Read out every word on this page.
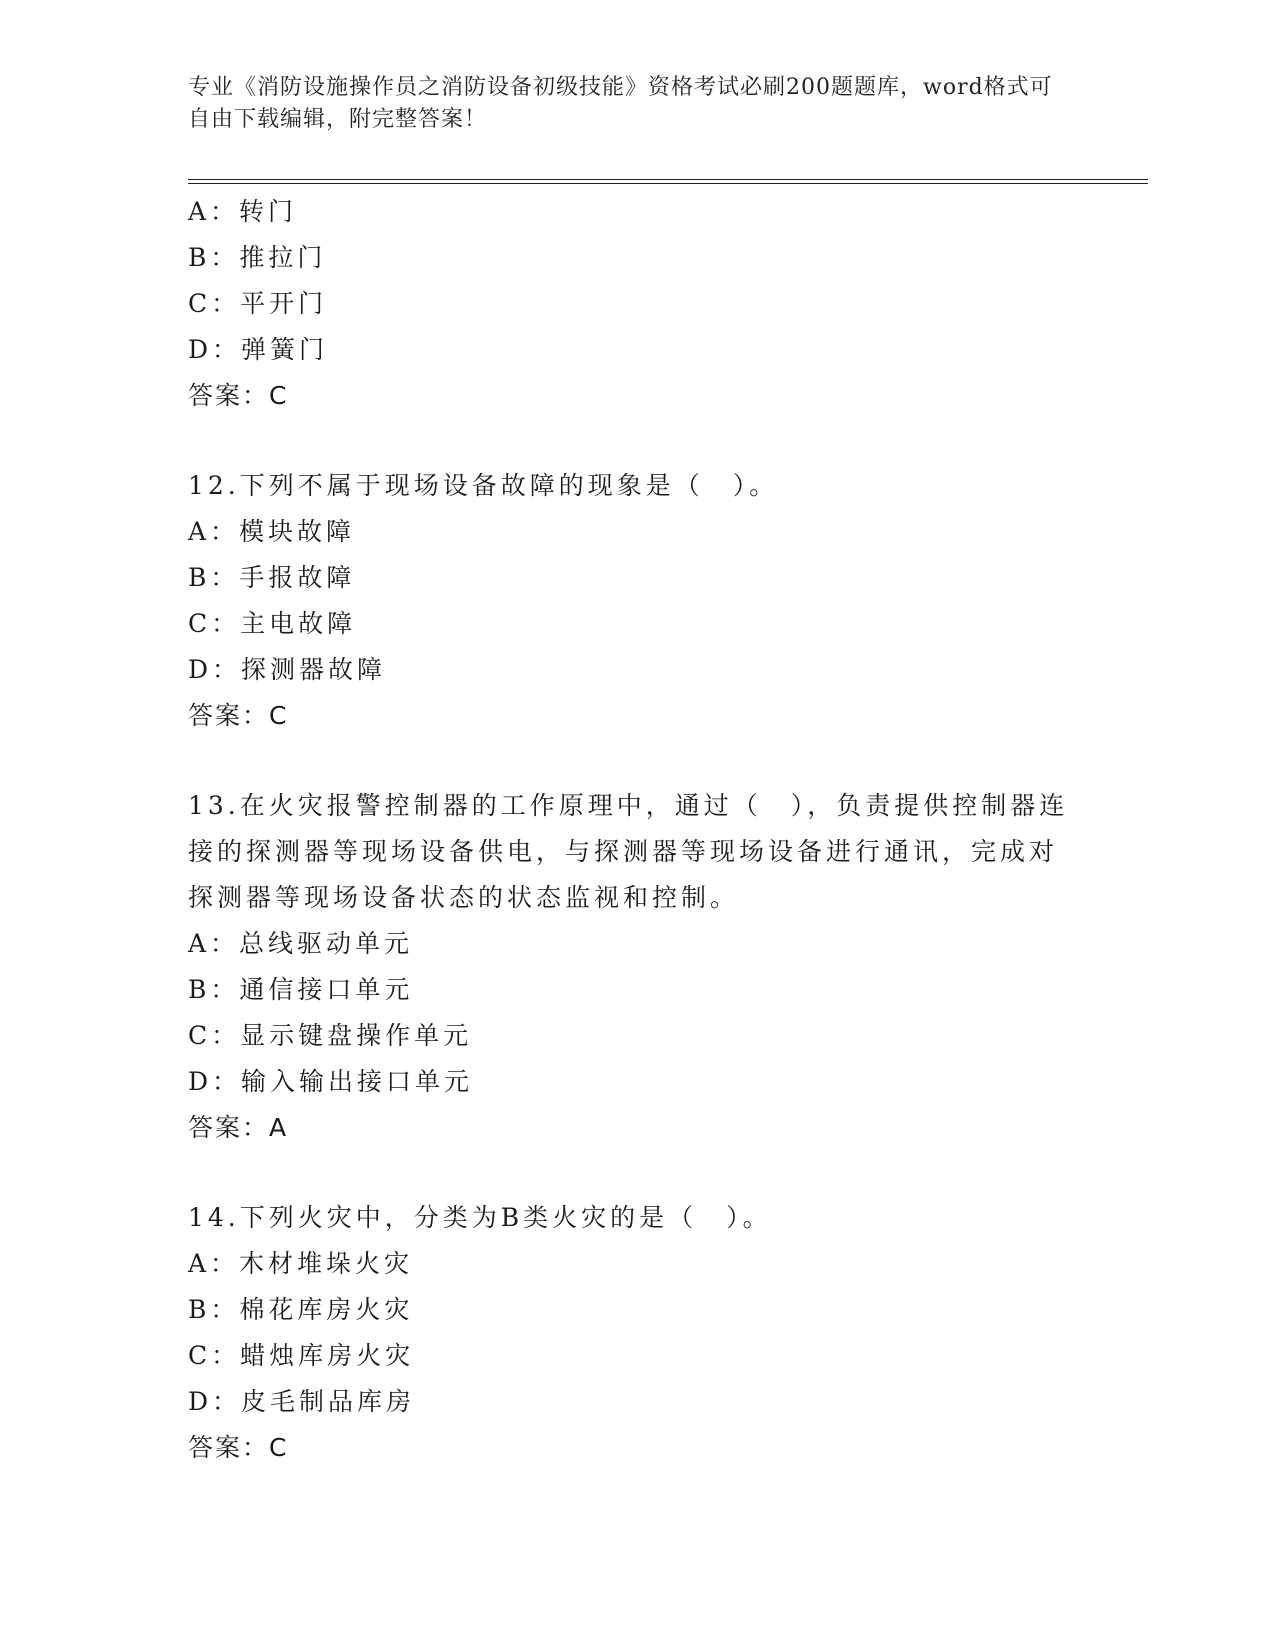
专业《消防设施操作员之消防设备初级技能》资格考试必刷200题题库，word格式可自由下载编辑，附完整答案！
A：转门
B：推拉门
C：平开门
D：弹簧门
答案：C
12.下列不属于现场设备故障的现象是（　）。
A：模块故障
B：手报故障
C：主电故障
D：探测器故障
答案：C
13.在火灾报警控制器的工作原理中，通过（　），负责提供控制器连
接的探测器等现场设备供电，与探测器等现场设备进行通讯，完成对
探测器等现场设备状态的状态监视和控制。
A：总线驱动单元
B：通信接口单元
C：显示键盘操作单元
D：输入输出接口单元
答案：A
14.下列火灾中，分类为B类火灾的是（　）。
A：木材堆垛火灾
B：棉花库房火灾
C：蜡烛库房火灾
D：皮毛制品库房
答案：C
